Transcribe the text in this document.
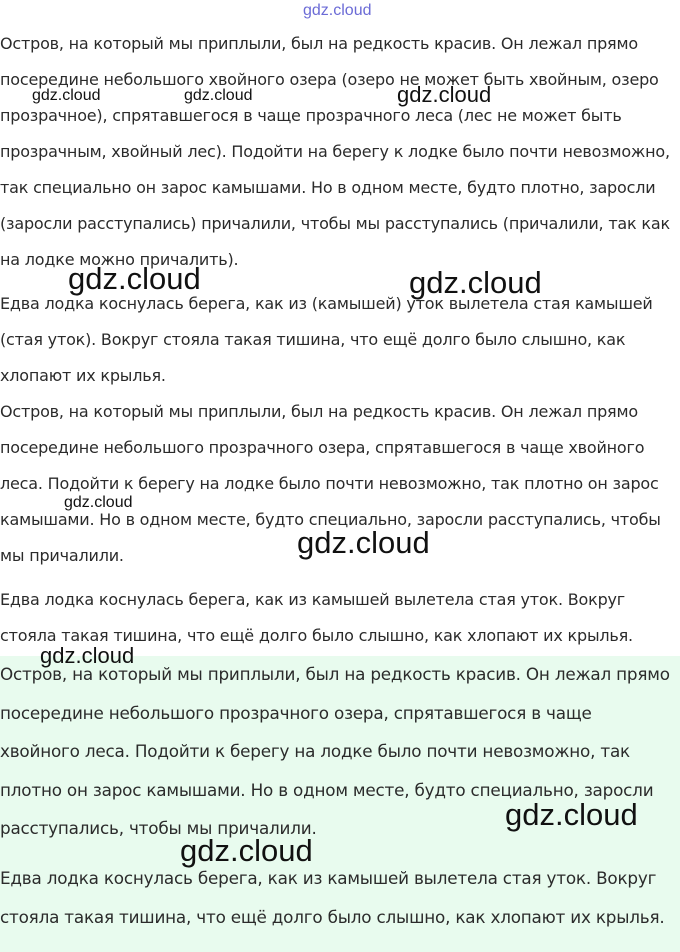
gdz.cloud

Остров, на который мы приплыли, был на редкость красив. Он лежал прямо посередине небольшого хвойного озера (озеро не может быть хвойным, озеро прозрачное), спрятавшегося в чаще прозрачного леса (лес не может быть прозрачным, хвойный лес). Подойти на берегу к лодке было почти невозможно, так специально он зарос камышами. Но в одном месте, будто плотно, заросли (заросли расступались) причалили, чтобы мы расступались (причалили, так как на лодке можно причалить).

Едва лодка коснулась берега, как из (камышей) уток вылетела стая камышей (стая уток). Вокруг стояла такая тишина, что ещё долго было слышно, как хлопают их крылья.

Остров, на который мы приплыли, был на редкость красив. Он лежал прямо посередине небольшого прозрачного озера, спрятавшегося в чаще хвойного леса. Подойти к берегу на лодке было почти невозможно, так плотно он зарос камышами. Но в одном месте, будто специально, заросли расступались, чтобы мы причалили.

Едва лодка коснулась берега, как из камышей вылетела стая уток. Вокруг стояла такая тишина, что ещё долго было слышно, как хлопают их крылья.

Остров, на который мы приплыли, был на редкость красив. Он лежал прямо посередине небольшого прозрачного озера, спрятавшегося в чаще хвойного леса. Подойти к берегу на лодке было почти невозможно, так плотно он зарос камышами. Но в одном месте, будто специально, заросли расступались, чтобы мы причалили.

Едва лодка коснулась берега, как из камышей вылетела стая уток. Вокруг стояла такая тишина, что ещё долго было слышно, как хлопают их крылья.

gdz.cloud	gdz.cloud	gdz.cloud
gdz.cloud	gdz.cloud
gdz.cloud
gdz.cloud
gdz.cloud
gdz.cloud
gdz.cloud
